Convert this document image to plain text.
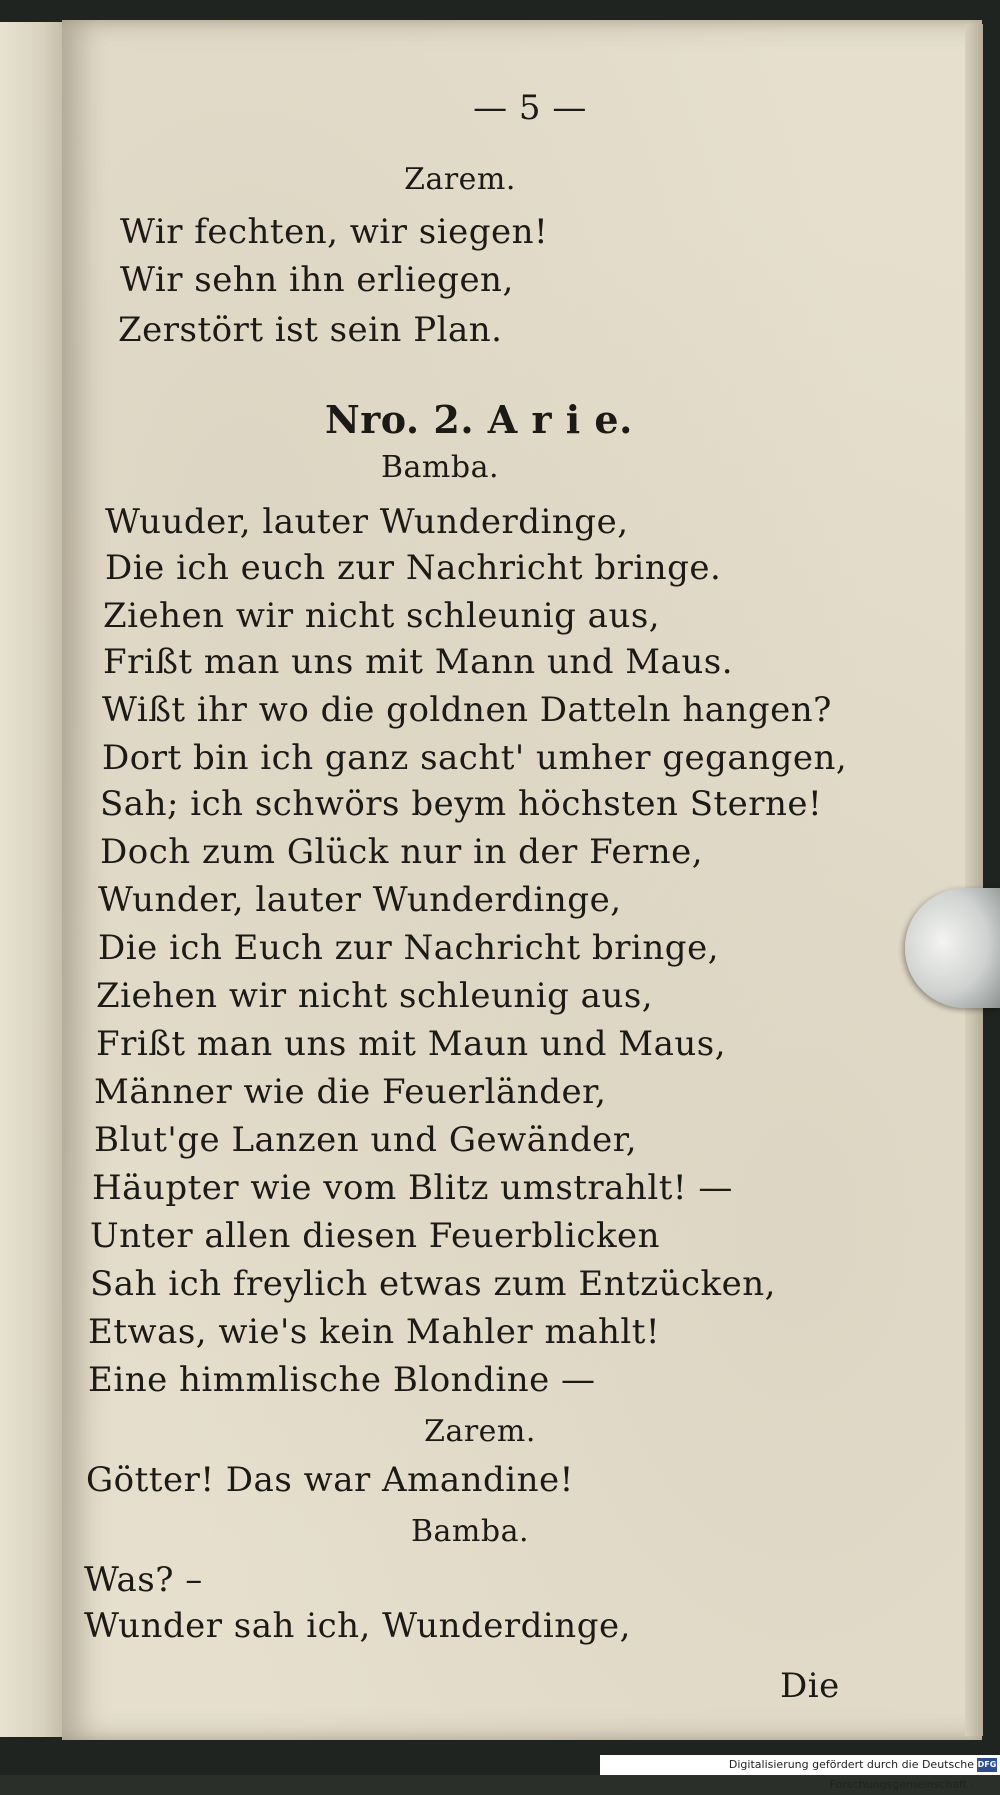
— 5 —
Zarem.
Wir fechten, wir siegen!
Wir sehn ihn erliegen,
Zerstört ist sein Plan.
Nro. 2. A r i e.
Bamba.
Wuuder, lauter Wunderdinge,
Die ich euch zur Nachricht bringe.
Ziehen wir nicht schleunig aus,
Frißt man uns mit Mann und Maus.
Wißt ihr wo die goldnen Datteln hangen?
Dort bin ich ganz sacht' umher gegangen,
Sah; ich schwörs beym höchsten Sterne!
Doch zum Glück nur in der Ferne,
Wunder, lauter Wunderdinge,
Die ich Euch zur Nachricht bringe,
Ziehen wir nicht schleunig aus,
Frißt man uns mit Maun und Maus,
Männer wie die Feuerländer,
Blut'ge Lanzen und Gewänder,
Häupter wie vom Blitz umstrahlt! —
Unter allen diesen Feuerblicken
Sah ich freylich etwas zum Entzücken,
Etwas, wie's kein Mahler mahlt!
Eine himmlische Blondine —
Zarem.
Götter! Das war Amandine!
Bamba.
Was? –
Wunder sah ich, Wunderdinge,
Die
Digitalisierung gefördert durch die Deutsche Forschungsgemeinschaft ·
DFG
